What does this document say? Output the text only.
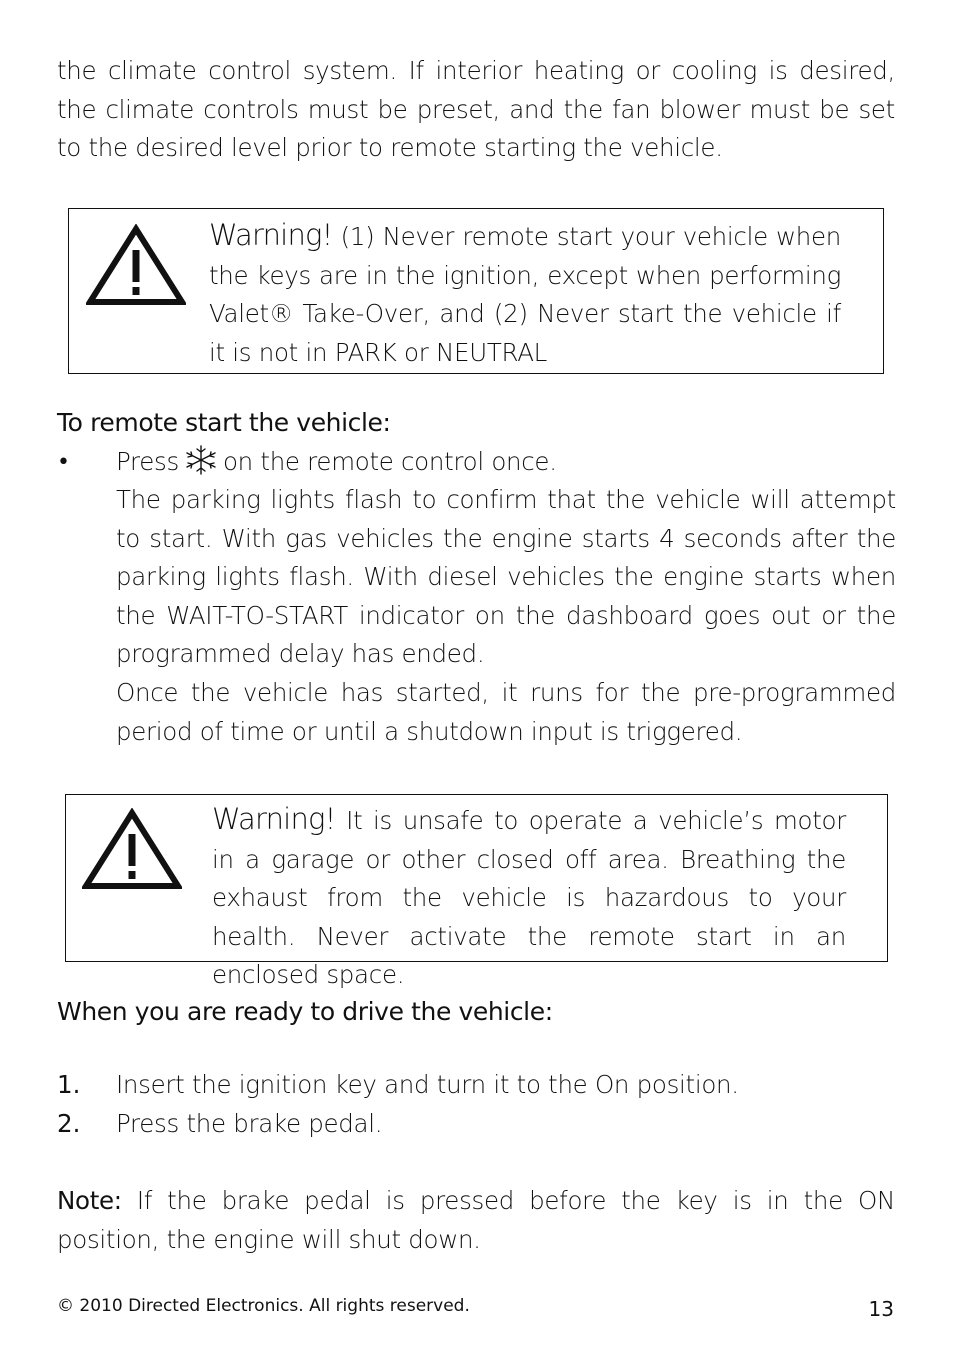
the climate control system. If interior heating or cooling is desired, the climate controls must be preset, and the fan blower must be set to the desired level prior to remote starting the vehicle.

Warning! (1) Never remote start your vehicle when the keys are in the ignition, except when performing Valet® Take-Over, and (2) Never start the vehicle if it is not in PARK or NEUTRAL

To remote start the vehicle:
• Press on the remote control once.

The parking lights flash to confirm that the vehicle will attempt to start. With gas vehicles the engine starts 4 seconds after the parking lights flash. With diesel vehicles the engine starts when the WAIT-TO-START indicator on the dashboard goes out or the programmed delay has ended.

Once the vehicle has started, it runs for the pre-programmed period of time or until a shutdown input is triggered.

Warning! It is unsafe to operate a vehicle’s motor in a garage or other closed off area. Breathing the exhaust from the vehicle is hazardous to your health. Never activate the remote start in an enclosed space.

When you are ready to drive the vehicle:
1. Insert the ignition key and turn it to the On position.

2. Press the brake pedal.

Note: If the brake pedal is pressed before the key is in the ON position, the engine will shut down.

© 2010 Directed Electronics. All rights reserved.	13
